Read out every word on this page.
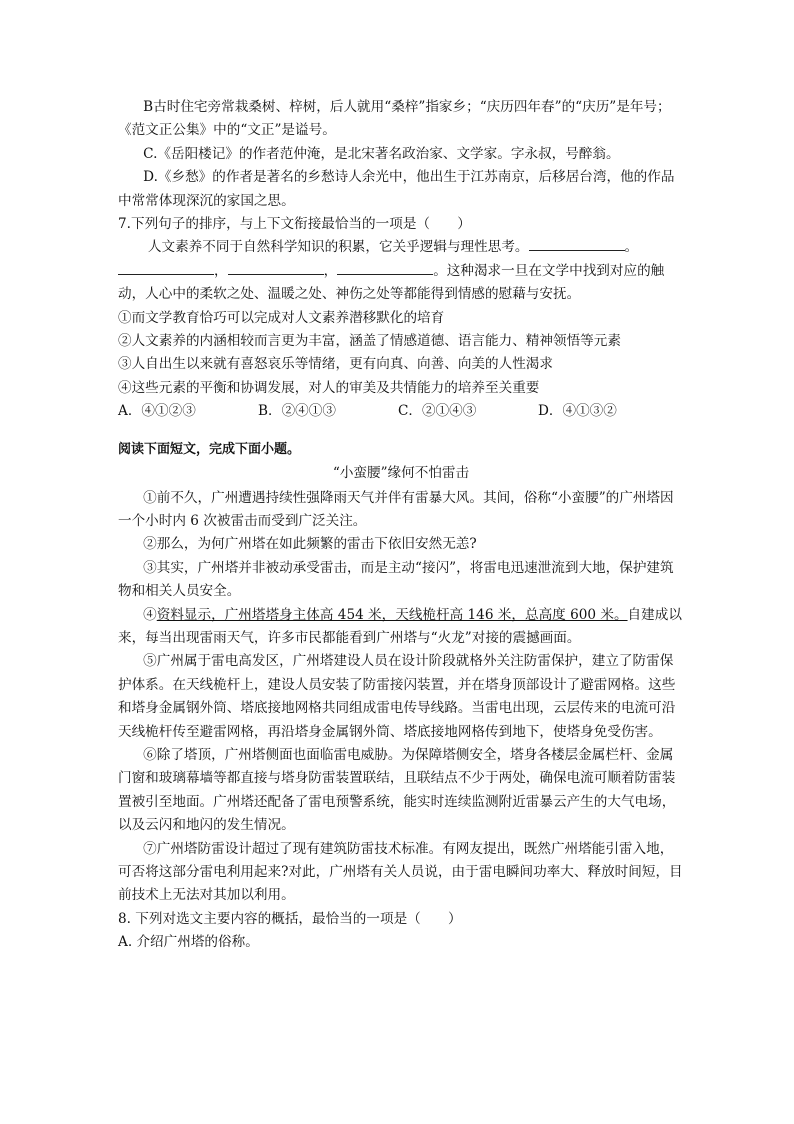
B古时住宅旁常栽桑树、梓树，后人就用“桑梓”指家乡；“庆历四年春”的“庆历”是年号；《范文正公集》中的“文正”是谥号。

C.《岳阳楼记》的作者范仲淹，是北宋著名政治家、文学家。字永叔，号醉翁。

D.《乡愁》的作者是著名的乡愁诗人余光中，他出生于江苏南京，后移居台湾，他的作品中常常体现深沉的家国之思。

7.下列句子的排序，与上下文衔接最恰当的一项是（　　）

人文素养不同于自然科学知识的积累，它关乎逻辑与理性思考。	。，	，	。这种渴求一旦在文学中找到对应的触动，人心中的柔软之处、温暖之处、神伤之处等都能得到情感的慰藉与安抚。

①而文学教育恰巧可以完成对人文素养潜移默化的培育

②人文素养的内涵相较而言更为丰富，涵盖了情感道德、语言能力、精神领悟等元素

③人自出生以来就有喜怒哀乐等情绪，更有向真、向善、向美的人性渴求

④这些元素的平衡和协调发展，对人的审美及共情能力的培养至关重要

A．④①②③	B．②④①③	C．②①④③	D．④①③②

阅读下面短文，完成下面小题。

“小蛮腰”缘何不怕雷击

①前不久，广州遭遇持续性强降雨天气并伴有雷暴大风。其间，俗称“小蛮腰”的广州塔因一个小时内 6 次被雷击而受到广泛关注。

②那么，为何广州塔在如此频繁的雷击下依旧安然无恙?

③其实，广州塔并非被动承受雷击，而是主动“接闪”，将雷电迅速泄流到大地，保护建筑物和相关人员安全。

④资料显示，广州塔塔身主体高 454 米，天线桅杆高 146 米，总高度 600 米。自建成以来，每当出现雷雨天气，许多市民都能看到广州塔与“火龙”对接的震撼画面。

⑤广州属于雷电高发区，广州塔建设人员在设计阶段就格外关注防雷保护，建立了防雷保护体系。在天线桅杆上，建设人员安装了防雷接闪装置，并在塔身顶部设计了避雷网格。这些和塔身金属钢外筒、塔底接地网格共同组成雷电传导线路。当雷电出现，云层传来的电流可沿天线桅杆传至避雷网格，再沿塔身金属钢外筒、塔底接地网格传到地下，使塔身免受伤害。

⑥除了塔顶，广州塔侧面也面临雷电威胁。为保障塔侧安全，塔身各楼层金属栏杆、金属门窗和玻璃幕墙等都直接与塔身防雷装置联结，且联结点不少于两处，确保电流可顺着防雷装置被引至地面。广州塔还配备了雷电预警系统，能实时连续监测附近雷暴云产生的大气电场，以及云闪和地闪的发生情况。

⑦广州塔防雷设计超过了现有建筑防雷技术标准。有网友提出，既然广州塔能引雷入地，可否将这部分雷电利用起来?对此，广州塔有关人员说，由于雷电瞬间功率大、释放时间短，目前技术上无法对其加以利用。

8. 下列对选文主要内容的概括，最恰当的一项是（　　）

A. 介绍广州塔的俗称。
